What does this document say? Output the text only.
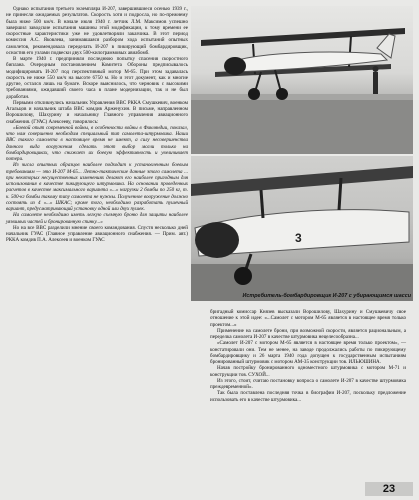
Однако испытания третьего экземпляра И-207, завершившиеся осенью 1939 г., не принесли ожидаемых результатов. Скорость хотя и подросла, но по-прежнему была ниже 500 км/ч. В начале июля 1940 г. летчик Л.М. Максимов успешно завершил заводские испытания машины этой модификации, к тому времени ее скоростные характеристики уже не удовлетворяли заказчика. В этот период комиссия А.С. Яковлева, занимавшаяся разбором хода испытаний опытных самолетов, рекомендовала переделать И-207 в пикирующий бомбардировщик, оснастив его узлами подвески двух 500-килограммовых авиабомб.

В марте 1940 г. предприняли последнюю попытку спасения скоростного биплана. Очередным постановлением Комитета Обороны предписывалось модифицировать И-207 под перспективный мотор М-65. При этом задавалась скорость не ниже 550 км/ч на высоте 6750 м. Но и этот документ, как и многие другие, остался лишь на бумаге. Вскоре выяснилось, что черновик с высокими требованиями, ожидавший своего часа в плане модернизации, так и не был доработан.

Первыми откликнулись начальник Управления ВВС РККА Смушкевич, военком Агальцов и начальник штаба ВВС комдив Арженухин. В письме, направленном Ворошилову, Шахурину и начальнику Главного управления авиационного снабжения. (ГУАС) Алексееву, говорилось:

«Боевой опыт современной войны, в особенности войны в Финляндии, показал, что нам совершенно необходим специальный тип самолета-штурмовика. Наши ВВС такого самолета в настоящее время не имеют, а силу несовершенства данного вида вооружения сделать этот выбор могли только на бомбардировщиках, что снижает их боевую эффективность и увеличивает потери.

Из числа опытных образцов наиболее подходит к установленным боевым требованиям — это И-207 М-65... Летно-тактические данные этого самолета ... при некоторых несущественных изменениях делают его наиболее пригодным для использования в качестве пикирующего штурмовика. На основании проведенных расчетов в качестве максимального варианта «...» нагрузки 2 бомбы по 250 кг, т. к. 500-кг бомбы такому типу самолета не нужны. Полученное вооружение должно состоять из 4 «...» ШКАС; кроме того, необходимо разработать пушечный вариант, предусматривающий установку одной или двух пушек.

На самолете необходимо иметь легкую съемную броню для защиты наиболее уязвимых частей и бронированную спинку...»

Но на все ВВС разделили мнение своего командования. Спустя несколько дней начальник ГУАС (Главное управление авиационного снабжения. — Прим. авт.) РККА комдив П.А. Алексеев и военком ГУАС	3
Истребитель-бомбардировщик И-207 с убирающимся шасси

бригадный комиссар Князев высказали Ворошилову, Шахурину и Смушкевичу свое отношение к этой идее: «...Самолет с мотором М-65 является в настоящее время только проектом...»

Применение на самолете брони, при возможной скорости, является рациональным, а переделка самолета И-207 в качестве штурмовика нецелесообразна...

«Самолет И-207 с мотором М-65 является в настоящее время только проектом», — констатировали они. Тем не менее, на заводе продолжались работы по пикирующему бомбардировщику и 26 марта 1940 года допущен к государственным испытаниям бронированный штурмовик с мотором АМ-35 конструкции тов. ИЛЬЮШИНА.

Начав постройку бронированного одноместного штурмовика с мотором М-71 и конструкции тов. СУХОЙ...

Из этого, стоит, считаю постановку вопроса о самолете И-207 в качестве штурмовика преждевременной».

Так была поставлена последняя точка в биографии И-207, поскольку предложение использовать его в качестве штурмовика...

23
